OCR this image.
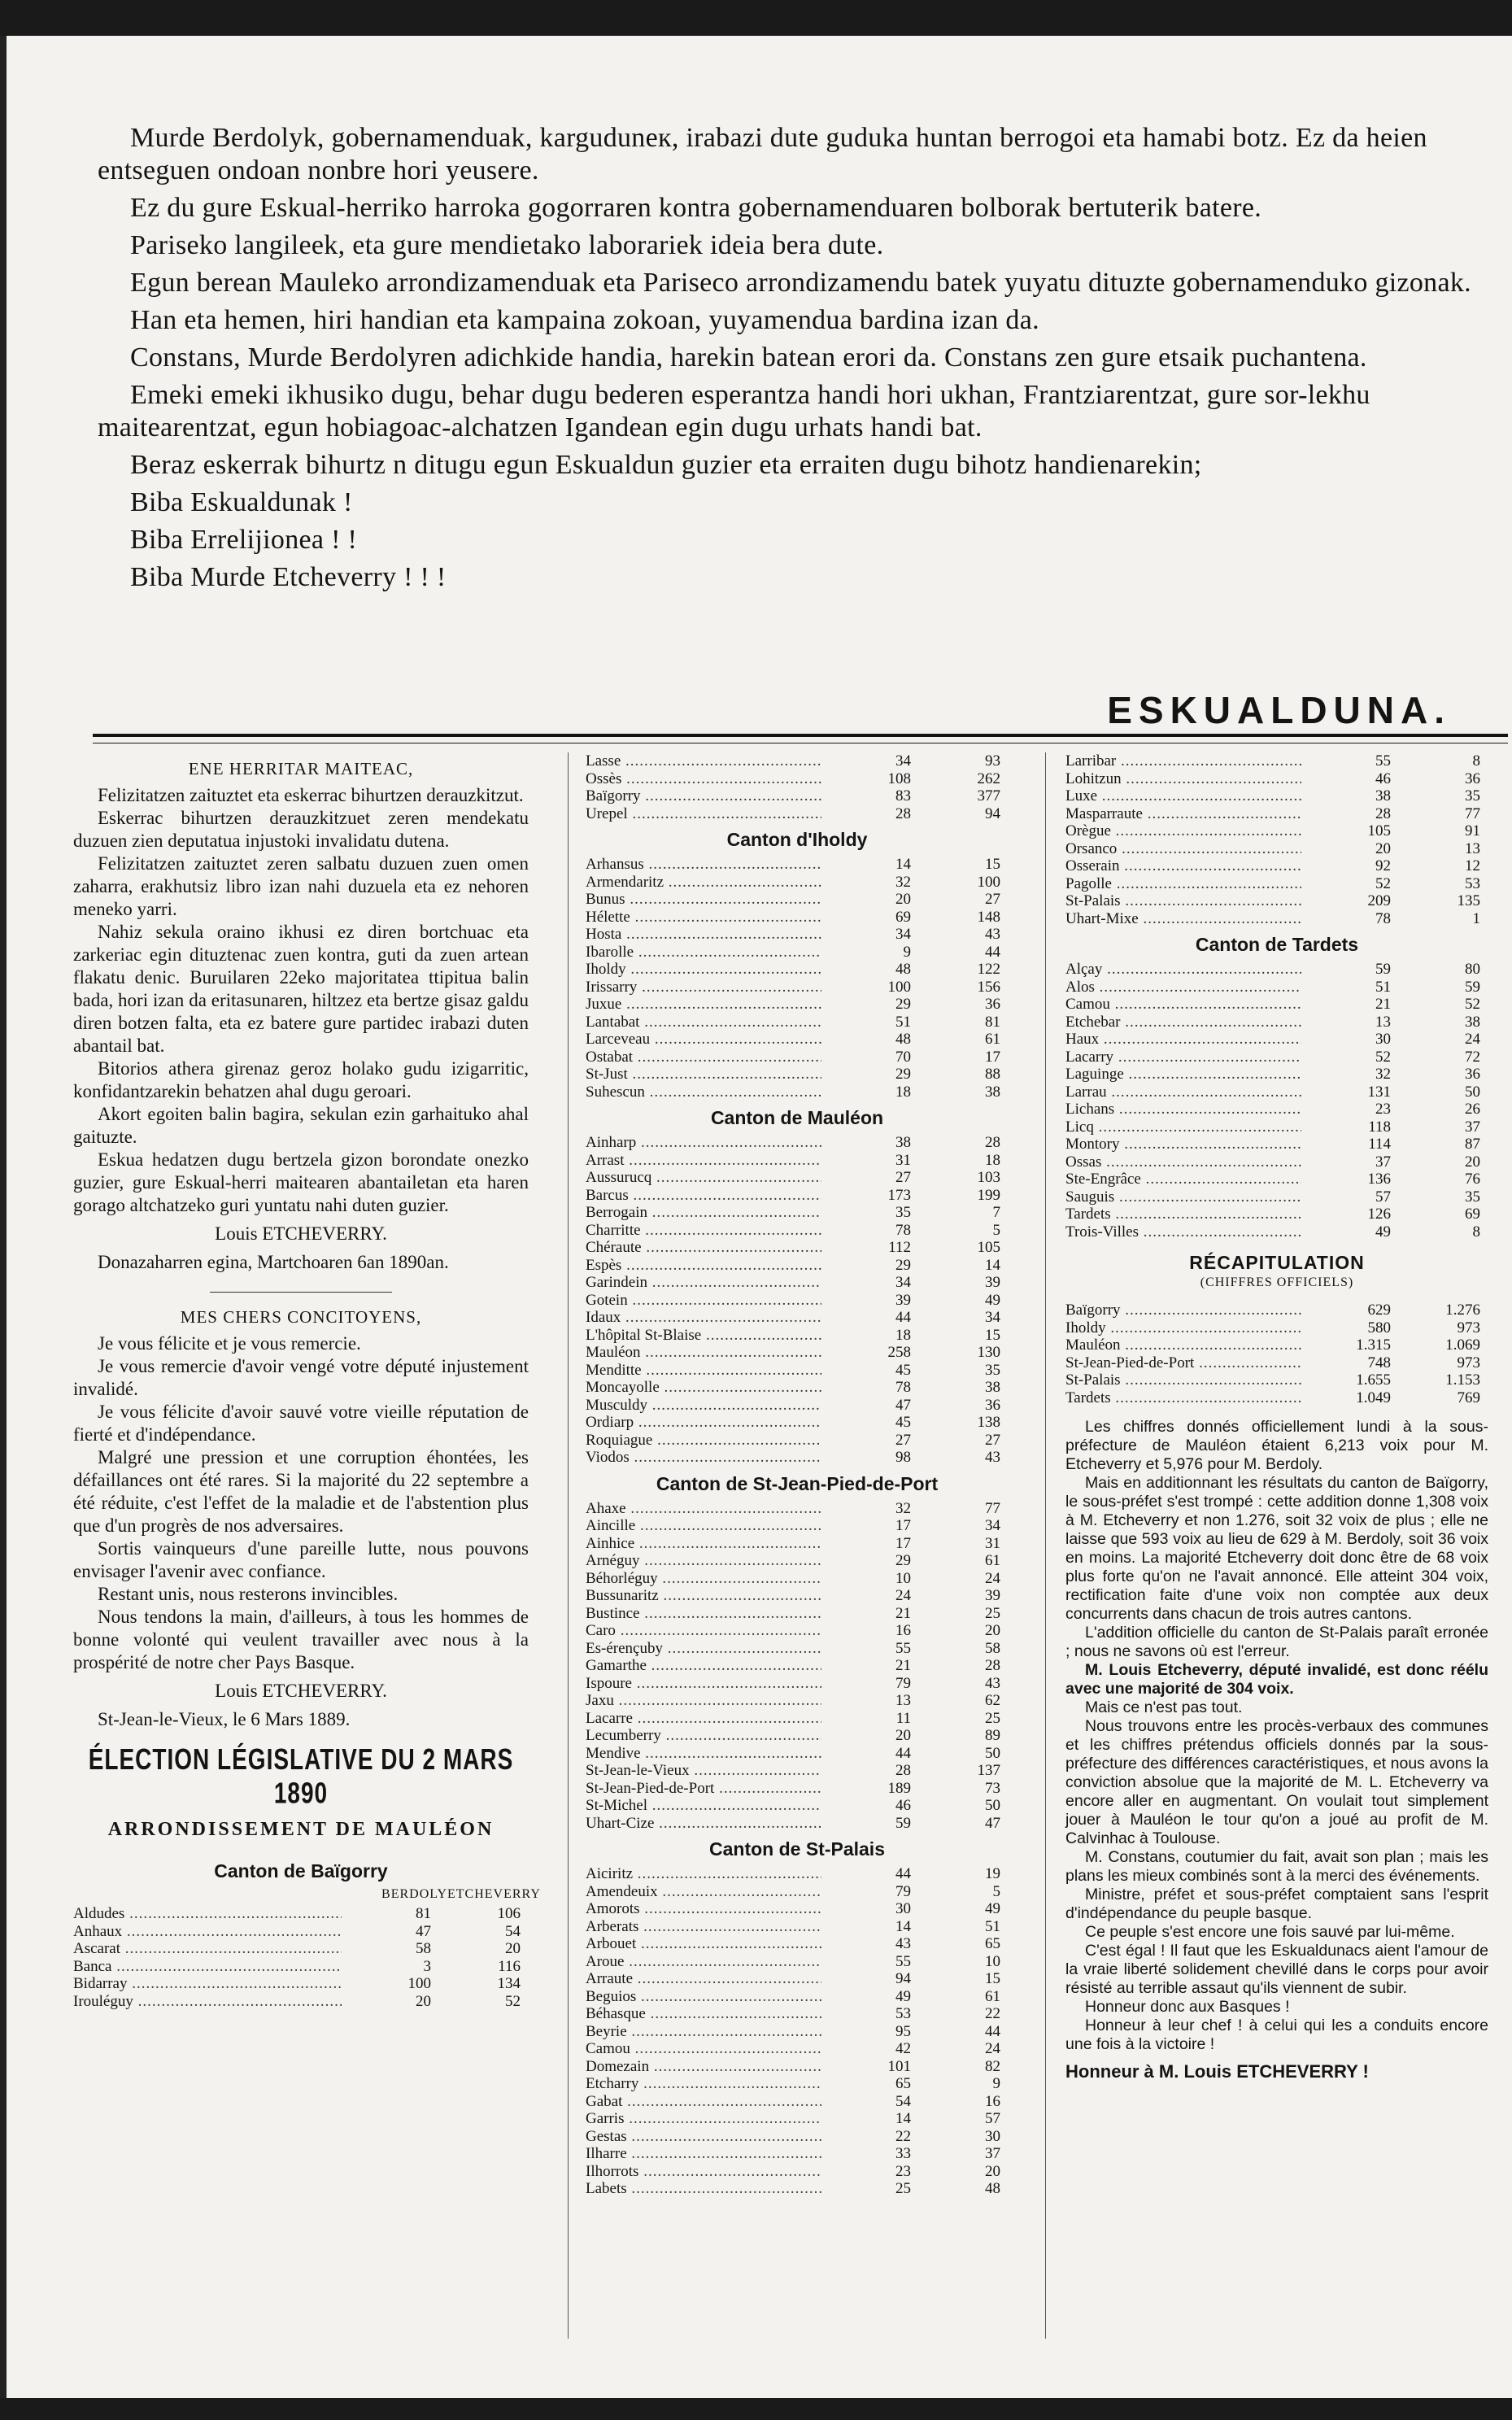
Murde Berdolyk, gobernamenduak, karguduneк, irabazi dute guduka huntan berrogoi eta hamabi botz. Ez da heien entseguen ondoan nonbre hori yeusere.

Ez du gure Eskual-herriko harroka gogorraren kontra gobernamenduaren bolborak bertuterik batere.

Pariseko langileek, eta gure mendietako laborariek ideia bera dute.

Egun berean Mauleko arrondizamenduak eta Pariseco arrondizamendu batek yuyatu dituzte gobernamenduko gizonak.

Han eta hemen, hiri handian eta kampaina zokoan, yuyamendua bardina izan da.

Constans, Murde Berdolyren adichkide handia, harekin batean erori da. Constans zen gure etsaik puchantena.

Emeki emeki ikhusiko dugu, behar dugu bederen esperantza handi hori ukhan, Frantziarentzat, gure sor-lekhu maitearentzat, egun hobiagoac-alchatzen Igandean egin dugu urhats handi bat.

Beraz eskerrak bihurtz n ditugu egun Eskualdun guzier eta erraiten dugu bihotz handienarekin;

Biba Eskualdunak !

Biba Errelijionea ! !

Biba Murde Etcheverry ! ! !

ESKUALDUNA.
ENE HERRITAR MAITEAC,

Felizitatzen zaituztet eta eskerrac bihurtzen derauzkitzut.

Eskerrac bihurtzen derauzkitzuet zeren mendekatu duzuen zien deputatua injustoki invalidatu dutena.

Felizitatzen zaituztet zeren salbatu duzuen zuen omen zaharra, erakhutsiz libro izan nahi duzuela eta ez nehoren meneko yarri.

Nahiz sekula oraino ikhusi ez diren bortchuac eta zarkeriac egin dituztenac zuen kontra, guti da zuen artean flakatu denic. Buruilaren 22eko majoritatea ttipitua balin bada, hori izan da eritasunaren, hiltzez eta bertze gisaz galdu diren botzen falta, eta ez batere gure partidec irabazi duten abantail bat.

Bitorios athera girenaz geroz holako gudu izigarritic, konfidantzarekin behatzen ahal dugu geroari.

Akort egoiten balin bagira, sekulan ezin garhaituko ahal gaituzte.

Eskua hedatzen dugu bertzela gizon borondate onezko guzier, gure Eskual-herri maitearen abantailetan eta haren gorago altchatzeko guri yuntatu nahi duten guzier.

Louis ETCHEVERRY.

Donazaharren egina, Martchoaren 6an 1890an.

MES CHERS CONCITOYENS,

Je vous félicite et je vous remercie.

Je vous remercie d'avoir vengé votre député injustement invalidé.

Je vous félicite d'avoir sauvé votre vieille réputation de fierté et d'indépendance.

Malgré une pression et une corruption éhontées, les défaillances ont été rares. Si la majorité du 22 septembre a été réduite, c'est l'effet de la maladie et de l'abstention plus que d'un progrès de nos adversaires.

Sortis vainqueurs d'une pareille lutte, nous pouvons envisager l'avenir avec confiance.

Restant unis, nous resterons invincibles.

Nous tendons la main, d'ailleurs, à tous les hommes de bonne volonté qui veulent travailler avec nous à la prospérité de notre cher Pays Basque.

Louis ETCHEVERRY.

St-Jean-le-Vieux, le 6 Mars 1889.

ÉLECTION LÉGISLATIVE DU 2 MARS 1890
ARRONDISSEMENT DE MAULÉON
Canton de Baïgorry
BERDOLY ETCHEVERRY
Aldudes .....	81	106
Anhaux .....	47	54
Ascarat .....	58	20
Banca .....	3	116
Bidarray .....	100	134
Irouléguy .....	20	52
Lasse .....	34	93
Ossès .....	108	262
Baïgorry .....	83	377
Urepel .....	28	94
Canton d'Iholdy
Arhansus .....	14	15
Armendaritz .....	32	100
Bunus .....	20	27
Hélette .....	69	148
Hosta .....	34	43
Ibarolle .....	9	44
Iholdy .....	48	122
Irissarry .....	100	156
Juxue .....	29	36
Lantabat .....	51	81
Larceveau .....	48	61
Ostabat .....	70	17
St-Just .....	29	88
Suhescun .....	18	38
Canton de Mauléon
Ainharp .....	38	28
Arrast .....	31	18
Aussurucq .....	27	103
Barcus .....	173	199
Berrogain .....	35	7
Charritte .....	78	5
Chéraute .....	112	105
Espès .....	29	14
Garindein .....	34	39
Gotein .....	39	49
Idaux .....	44	34
L'hôpital St-Blaise .....	18	15
Mauléon .....	258	130
Menditte .....	45	35
Moncayolle .....	78	38
Musculdy .....	47	36
Ordiarp .....	45	138
Roquiague .....	27	27
Viodos .....	98	43
Canton de St-Jean-Pied-de-Port
Ahaxe .....	32	77
Aincille .....	17	34
Ainhice .....	17	31
Arnéguy .....	29	61
Béhorléguy .....	10	24
Bussunaritz .....	24	39
Bustince .....	21	25
Caro .....	16	20
Es-érençuby .....	55	58
Gamarthe .....	21	28
Ispoure .....	79	43
Jaxu .....	13	62
Lacarre .....	11	25
Lecumberry .....	20	89
Mendive .....	44	50
St-Jean-le-Vieux .....	28	137
St-Jean-Pied-de-Port .....	189	73
St-Michel .....	46	50
Uhart-Cize .....	59	47
Canton de St-Palais
Aiciritz .....	44	19
Amendeuix .....	79	5
Amorots .....	30	49
Arberats .....	14	51
Arbouet .....	43	65
Aroue .....	55	10
Arraute .....	94	15
Beguios .....	49	61
Béhasque .....	53	22
Beyrie .....	95	44
Camou .....	42	24
Domezain .....	101	82
Etcharry .....	65	9
Gabat .....	54	16
Garris .....	14	57
Gestas .....	22	30
Ilharre .....	33	37
Ilhorrots .....	23	20
Labets .....	25	48
Larribar .....	55	8
Lohitzun .....	46	36
Luxe .....	38	35
Masparraute .....	28	77
Orègue .....	105	91
Orsanco .....	20	13
Osserain .....	92	12
Pagolle .....	52	53
St-Palais .....	209	135
Uhart-Mixe .....	78	1
Canton de Tardets
Alçay .....	59	80
Alos .....	51	59
Camou .....	21	52
Etchebar .....	13	38
Haux .....	30	24
Lacarry .....	52	72
Laguinge .....	32	36
Larrau .....	131	50
Lichans .....	23	26
Licq .....	118	37
Montory .....	114	87
Ossas .....	37	20
Ste-Engrâce .....	136	76
Sauguis .....	57	35
Tardets .....	126	69
Trois-Villes .....	49	8
RÉCAPITULATION
(CHIFFRES OFFICIELS)
Baïgorry .....	629	1.276
Iholdy .....	580	973
Mauléon .....	1.315	1.069
St-Jean-Pied-de-Port .....	748	973
St-Palais .....	1.655	1.153
Tardets .....	1.049	769

Les chiffres donnés officiellement lundi à la sous-préfecture de Mauléon étaient 6,213 voix pour M. Etcheverry et 5,976 pour M. Berdoly.

Mais en additionnant les résultats du canton de Baïgorry, le sous-préfet s'est trompé : cette addition donne 1,308 voix à M. Etcheverry et non 1.276, soit 32 voix de plus ; elle ne laisse que 593 voix au lieu de 629 à M. Berdoly, soit 36 voix en moins. La majorité Etcheverry doit donc être de 68 voix plus forte qu'on ne l'avait annoncé. Elle atteint 304 voix, rectification faite d'une voix non comptée aux deux concurrents dans chacun de trois autres cantons.

L'addition officielle du canton de St-Palais paraît erronée ; nous ne savons où est l'erreur.

M. Louis Etcheverry, député invalidé, est donc réélu avec une majorité de 304 voix.

Mais ce n'est pas tout.

Nous trouvons entre les procès-verbaux des communes et les chiffres prétendus officiels donnés par la sous-préfecture des différences caractéristiques, et nous avons la conviction absolue que la majorité de M. L. Etcheverry va encore aller en augmentant. On voulait tout simplement jouer à Mauléon le tour qu'on a joué au profit de M. Calvinhac à Toulouse.

M. Constans, coutumier du fait, avait son plan ; mais les plans les mieux combinés sont à la merci des événements.

Ministre, préfet et sous-préfet comptaient sans l'esprit d'indépendance du peuple basque.

Ce peuple s'est encore une fois sauvé par lui-même.

C'est égal ! Il faut que les Eskualdunacs aient l'amour de la vraie liberté solidement chevillé dans le corps pour avoir résisté au terrible assaut qu'ils viennent de subir.

Honneur donc aux Basques !

Honneur à leur chef ! à celui qui les a conduits encore une fois à la victoire !

Honneur à M. Louis ETCHEVERRY !
